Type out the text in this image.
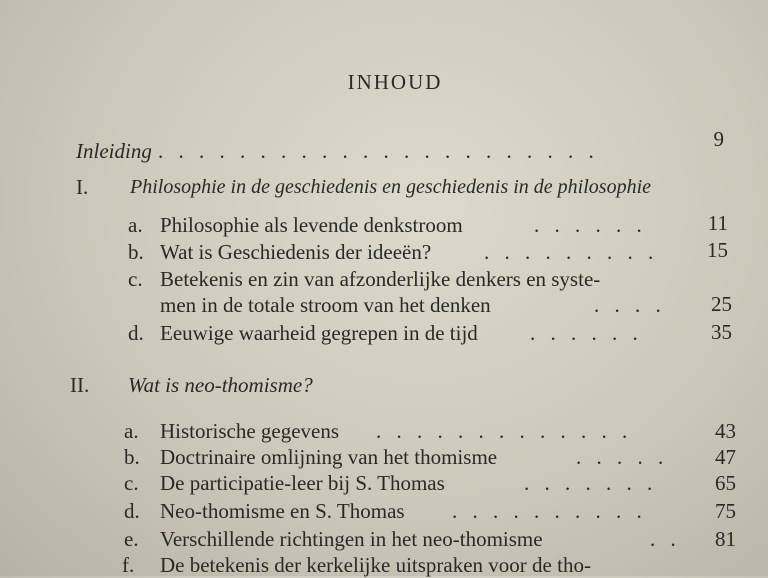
INHOUD
Inleiding . . . . . . . . . . . . . . . . . . . . . .	9
I. Philosophie in de geschiedenis en geschiedenis in de philosophie
a. Philosophie als levende denkstroom	. . . . . .	11
b. Wat is Geschiedenis der ideeën?	. . . . . . . . .	15
c. Betekenis en zin van afzonderlijke denkers en syste-
men in de totale stroom van het denken	. . . .	25
d. Eeuwige waarheid gegrepen in de tijd . . . . . .	35
II. Wat is neo-thomisme?
a. Historische gegevens . . . . . . . . . . . . .	43
b. Doctrinaire omlijning van het thomisme	. . . . .	47
c. De participatie-leer bij S. Thomas	. . . . . . .	65
d. Neo-thomisme en S. Thomas . . . . . . . . . .	75
e. Verschillende richtingen in het neo-thomisme	. .	81
f. De betekenis der kerkelijke uitspraken voor de tho-
